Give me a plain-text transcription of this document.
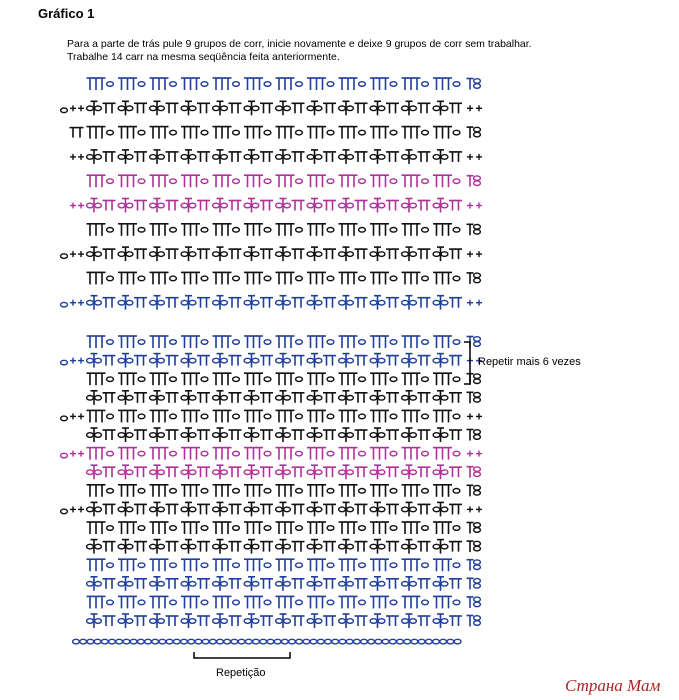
Gráfico 1
Para a parte de trás pule 9 grupos de corr, inicie novamente e deixe 9 grupos de corr sem trabalhar.
Trabalhe 14 carr na mesma seqüência feita anteriormente.
Repetir mais 6 vezes
Repetição
Страна Мам
